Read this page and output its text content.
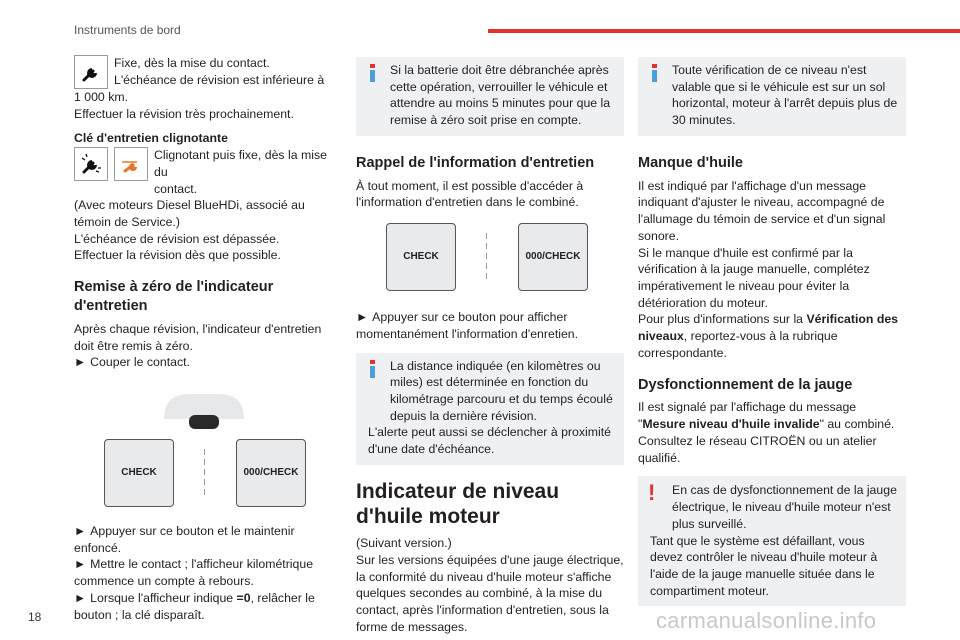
Instruments de bord

Fixe, dès la mise du contact.

L'échéance de révision est inférieure à

1 000 km.

Effectuer la révision très prochainement.

Clé d'entretien clignotante

Clignotant puis fixe, dès la mise du

contact.

(Avec moteurs Diesel BlueHDi, associé au

témoin de Service.)

L'échéance de révision est dépassée.

Effectuer la révision dès que possible.

Remise à zéro de l'indicateur d'entretien

Après chaque révision, l'indicateur d'entretien doit être remis à zéro.

► Couper le contact.

CHECK	000/CHECK

► Appuyer sur ce bouton et le maintenir enfoncé.

► Mettre le contact ; l'afficheur kilométrique commence un compte à rebours.

► Lorsque l'afficheur indique =0, relâcher le bouton ; la clé disparaît.

Si la batterie doit être débranchée après cette opération, verrouiller le véhicule et attendre au moins 5 minutes pour que la remise à zéro soit prise en compte.

Rappel de l'information d'entretien

À tout moment, il est possible d'accéder à l'information d'entretien dans le combiné.

CHECK	000/CHECK

► Appuyer sur ce bouton pour afficher momentanément l'information d'enretien.

La distance indiquée (en kilomètres ou miles) est déterminée en fonction du kilométrage parcouru et du temps écoulé depuis la dernière révision.

L'alerte peut aussi se déclencher à proximité d'une date d'échéance.

Indicateur de niveau d'huile moteur

(Suivant version.)

Sur les versions équipées d'une jauge électrique, la conformité du niveau d'huile moteur s'affiche quelques secondes au combiné, à la mise du contact, après l'information d'entretien, sous la forme de messages.

Toute vérification de ce niveau n'est valable que si le véhicule est sur un sol horizontal, moteur à l'arrêt depuis plus de 30 minutes.

Manque d'huile

Il est indiqué par l'affichage d'un message indiquant d'ajuster le niveau, accompagné de l'allumage du témoin de service et d'un signal sonore.

Si le manque d'huile est confirmé par la vérification à la jauge manuelle, complétez impérativement le niveau pour éviter la détérioration du moteur.

Pour plus d'informations sur la Vérification des niveaux, reportez-vous à la rubrique correspondante.

Dysfonctionnement de la jauge

Il est signalé par l'affichage du message "Mesure niveau d'huile invalide" au combiné. Consultez le réseau CITROËN ou un atelier qualifié.

!	En cas de dysfonctionnement de la jauge électrique, le niveau d'huile moteur n'est plus surveillé.

Tant que le système est défaillant, vous devez contrôler le niveau d'huile moteur à l'aide de la jauge manuelle située dans le compartiment moteur.

18	carmanualsonline.info
